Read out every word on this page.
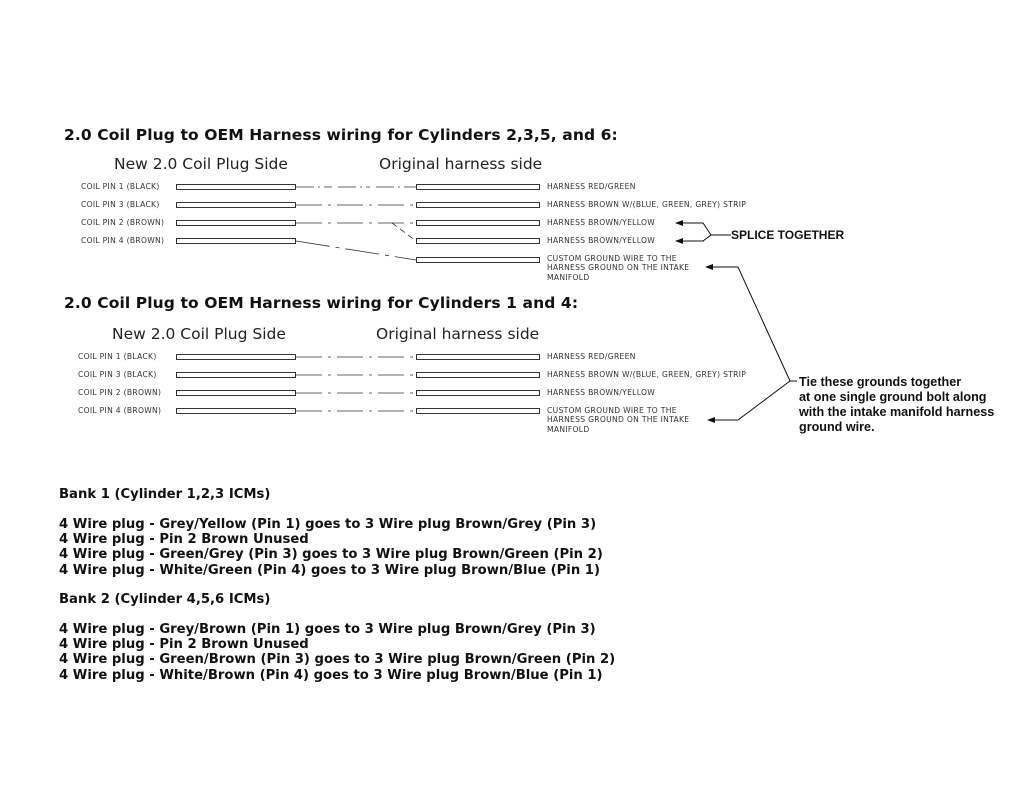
2.0 Coil Plug to OEM Harness wiring for Cylinders 2,3,5, and 6:
New 2.0 Coil Plug Side	Original harness side
COIL PIN 1 (BLACK)
COIL PIN 3 (BLACK)
COIL PIN 2 (BROWN)
COIL PIN 4 (BROWN)
HARNESS RED/GREEN
HARNESS BROWN W/(BLUE, GREEN, GREY) STRIP
HARNESS BROWN/YELLOW
HARNESS BROWN/YELLOW
CUSTOM GROUND WIRE TO THE
HARNESS GROUND ON THE INTAKE
MANIFOLD
SPLICE TOGETHER
2.0 Coil Plug to OEM Harness wiring for Cylinders 1 and 4:
New 2.0 Coil Plug Side	Original harness side
COIL PIN 1 (BLACK)
COIL PIN 3 (BLACK)
COIL PIN 2 (BROWN)
COIL PIN 4 (BROWN)
HARNESS RED/GREEN
HARNESS BROWN W/(BLUE, GREEN, GREY) STRIP
HARNESS BROWN/YELLOW
CUSTOM GROUND WIRE TO THE
HARNESS GROUND ON THE INTAKE
MANIFOLD
Tie these grounds together
at one single ground bolt along
with the intake manifold harness
ground wire.
Bank 1 (Cylinder 1,2,3 ICMs)
4 Wire plug - Grey/Yellow (Pin 1) goes to 3 Wire plug Brown/Grey (Pin 3)
4 Wire plug - Pin 2 Brown Unused
4 Wire plug - Green/Grey (Pin 3) goes to 3 Wire plug Brown/Green (Pin 2)
4 Wire plug - White/Green (Pin 4) goes to 3 Wire plug Brown/Blue (Pin 1)
Bank 2 (Cylinder 4,5,6 ICMs)
4 Wire plug - Grey/Brown (Pin 1) goes to 3 Wire plug Brown/Grey (Pin 3)
4 Wire plug - Pin 2 Brown Unused
4 Wire plug - Green/Brown (Pin 3) goes to 3 Wire plug Brown/Green (Pin 2)
4 Wire plug - White/Brown (Pin 4) goes to 3 Wire plug Brown/Blue (Pin 1)
